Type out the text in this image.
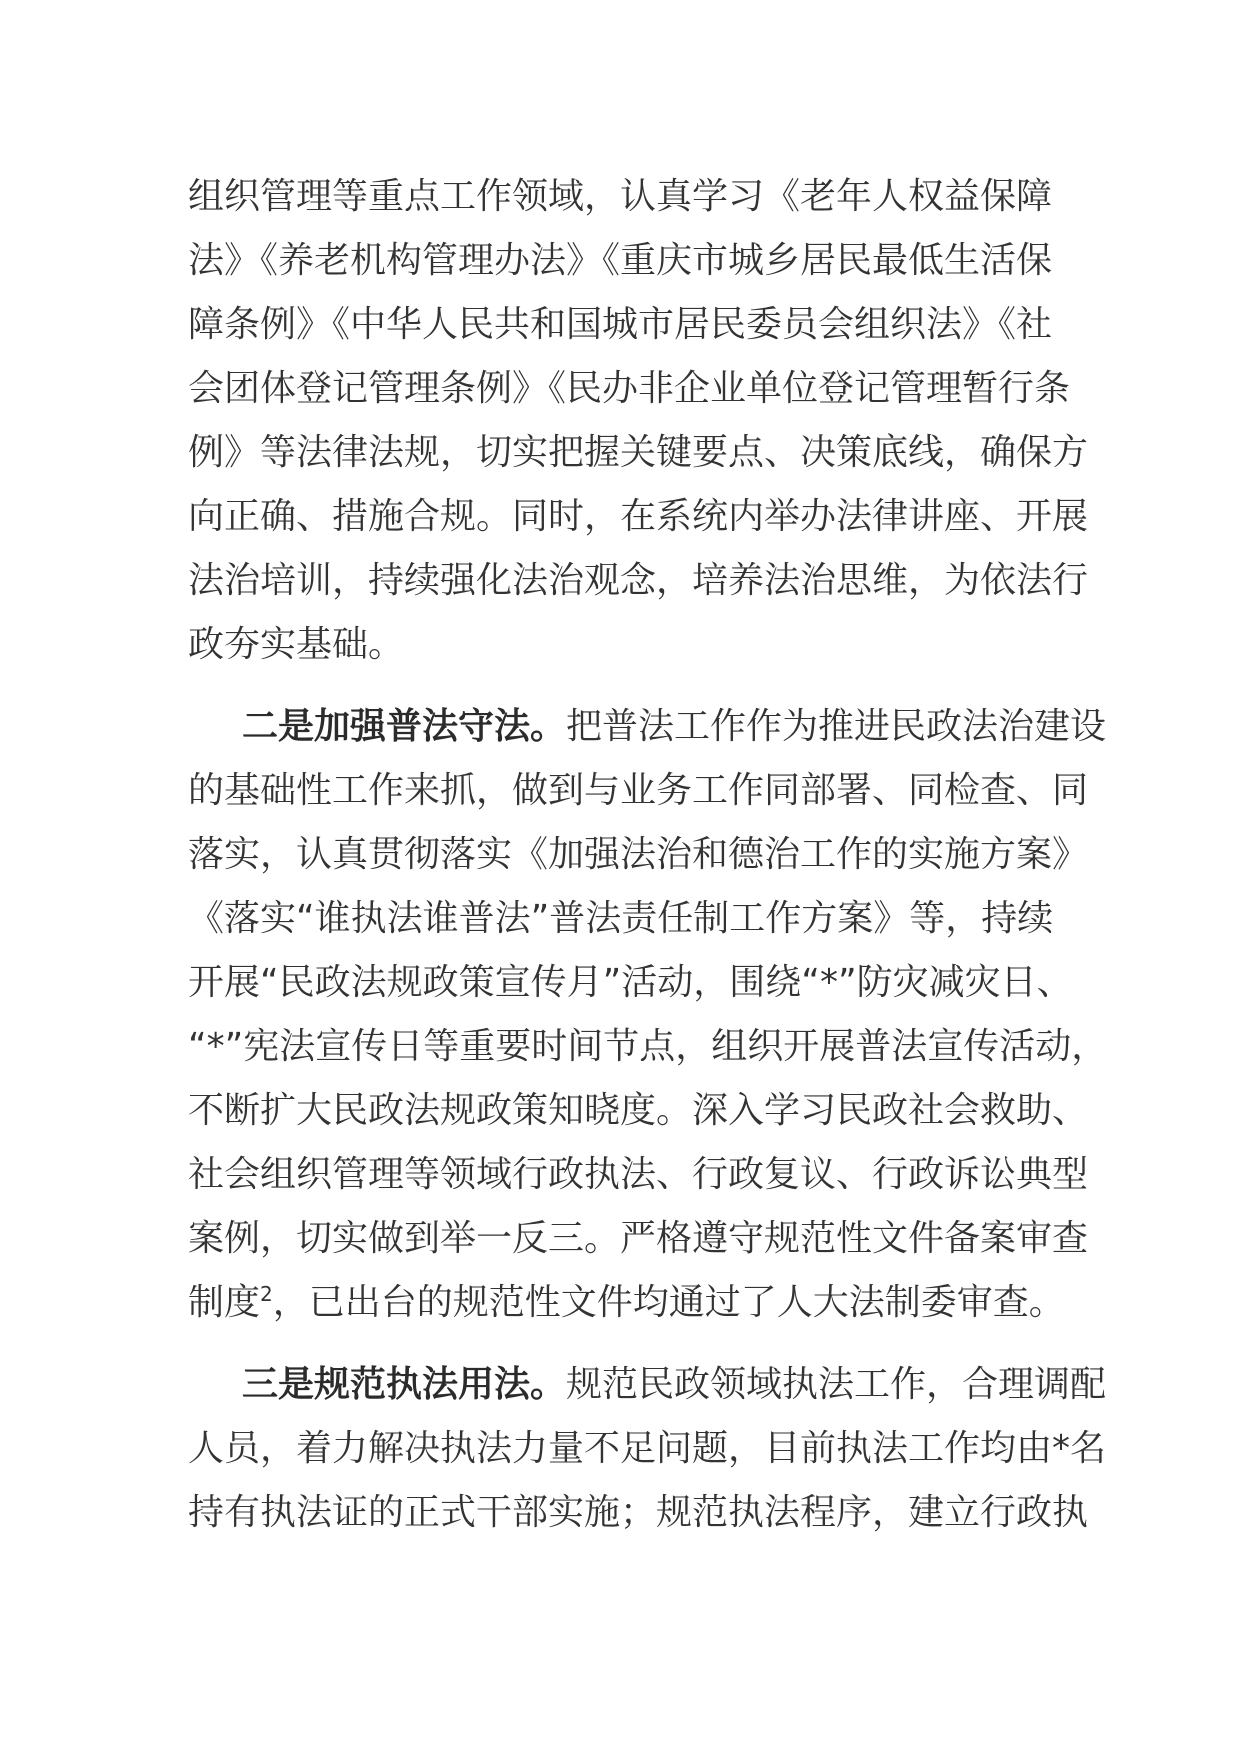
组织管理等重点工作领域，认真学习《老年人权益保障
法》《养老机构管理办法》《重庆市城乡居民最低生活保
障条例》《中华人民共和国城市居民委员会组织法》《社
会团体登记管理条例》《民办非企业单位登记管理暂行条
例》等法律法规，切实把握关键要点、决策底线，确保方
向正确、措施合规。同时，在系统内举办法律讲座、开展
法治培训，持续强化法治观念，培养法治思维，为依法行
政夯实基础。
二是加强普法守法。把普法工作作为推进民政法治建设
的基础性工作来抓，做到与业务工作同部署、同检查、同
落实，认真贯彻落实《加强法治和德治工作的实施方案》
《落实“谁执法谁普法”普法责任制工作方案》等，持续
开展“民政法规政策宣传月”活动，围绕“*”防灾减灾日、
“*”宪法宣传日等重要时间节点，组织开展普法宣传活动，
不断扩大民政法规政策知晓度。深入学习民政社会救助、
社会组织管理等领域行政执法、行政复议、行政诉讼典型
案例，切实做到举一反三。严格遵守规范性文件备案审查
制度$^2$，已出台的规范性文件均通过了人大法制委审查。
三是规范执法用法。规范民政领域执法工作，合理调配
人员，着力解决执法力量不足问题，目前执法工作均由*名
持有执法证的正式干部实施；规范执法程序，建立行政执
